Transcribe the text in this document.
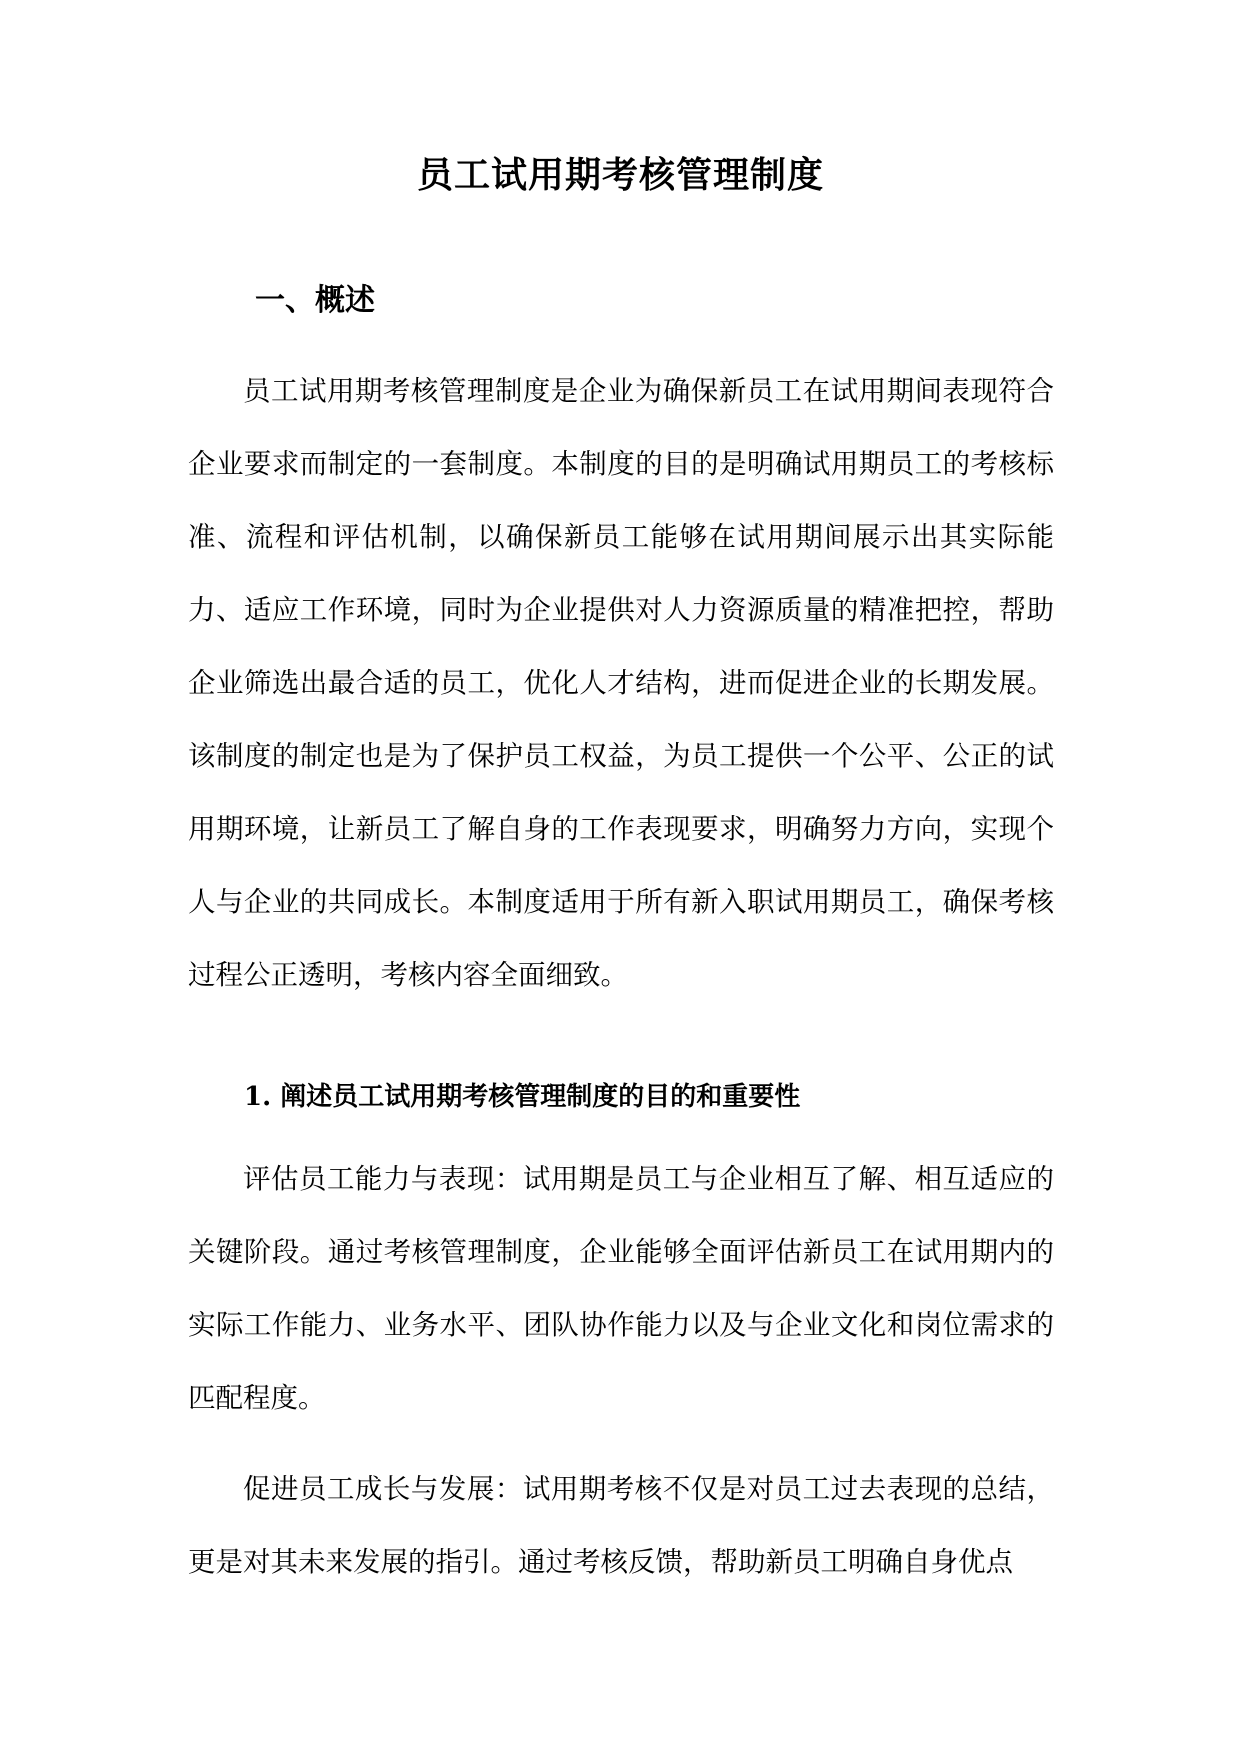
员工试用期考核管理制度
一、概述

员工试用期考核管理制度是企业为确保新员工在试用期间表现符合企业要求而制定的一套制度。本制度的目的是明确试用期员工的考核标准、流程和评估机制，以确保新员工能够在试用期间展示出其实际能力、适应工作环境，同时为企业提供对人力资源质量的精准把控，帮助企业筛选出最合适的员工，优化人才结构，进而促进企业的长期发展。该制度的制定也是为了保护员工权益，为员工提供一个公平、公正的试用期环境，让新员工了解自身的工作表现要求，明确努力方向，实现个人与企业的共同成长。本制度适用于所有新入职试用期员工，确保考核过程公正透明，考核内容全面细致。

1. 阐述员工试用期考核管理制度的目的和重要性

评估员工能力与表现：试用期是员工与企业相互了解、相互适应的关键阶段。通过考核管理制度，企业能够全面评估新员工在试用期内的实际工作能力、业务水平、团队协作能力以及与企业文化和岗位需求的匹配程度。

促进员工成长与发展：试用期考核不仅是对员工过去表现的总结，更是对其未来发展的指引。通过考核反馈，帮助新员工明确自身优点
